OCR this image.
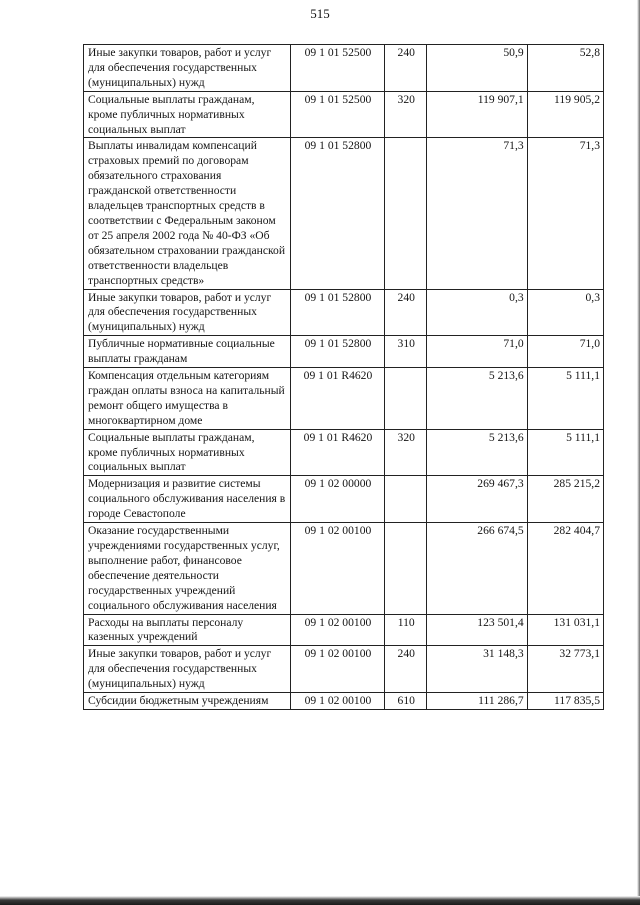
515
Иные закупки товаров, работ и услуг для обеспечения государственных (муниципальных) нужд	09 1 01 52500	240	50,9	52,8
Социальные выплаты гражданам, кроме публичных нормативных социальных выплат	09 1 01 52500	320	119 907,1	119 905,2
Выплаты инвалидам компенсаций страховых премий по договорам обязательного страхования гражданской ответственности владельцев транспортных средств в соответствии с Федеральным законом от 25 апреля 2002 года № 40-ФЗ «Об обязательном страховании гражданской ответственности владельцев транспортных средств»	09 1 01 52800		71,3	71,3
Иные закупки товаров, работ и услуг для обеспечения государственных (муниципальных) нужд	09 1 01 52800	240	0,3	0,3
Публичные нормативные социальные выплаты гражданам	09 1 01 52800	310	71,0	71,0
Компенсация отдельным категориям граждан оплаты взноса на капитальный ремонт общего имущества в многоквартирном доме	09 1 01 R4620		5 213,6	5 111,1
Социальные выплаты гражданам, кроме публичных нормативных социальных выплат	09 1 01 R4620	320	5 213,6	5 111,1
Модернизация и развитие системы социального обслуживания населения в городе Севастополе	09 1 02 00000		269 467,3	285 215,2
Оказание государственными учреждениями государственных услуг, выполнение работ, финансовое обеспечение деятельности государственных учреждений социального обслуживания населения	09 1 02 00100		266 674,5	282 404,7
Расходы на выплаты персоналу казенных учреждений	09 1 02 00100	110	123 501,4	131 031,1
Иные закупки товаров, работ и услуг для обеспечения государственных (муниципальных) нужд	09 1 02 00100	240	31 148,3	32 773,1
Субсидии бюджетным учреждениям	09 1 02 00100	610	111 286,7	117 835,5
